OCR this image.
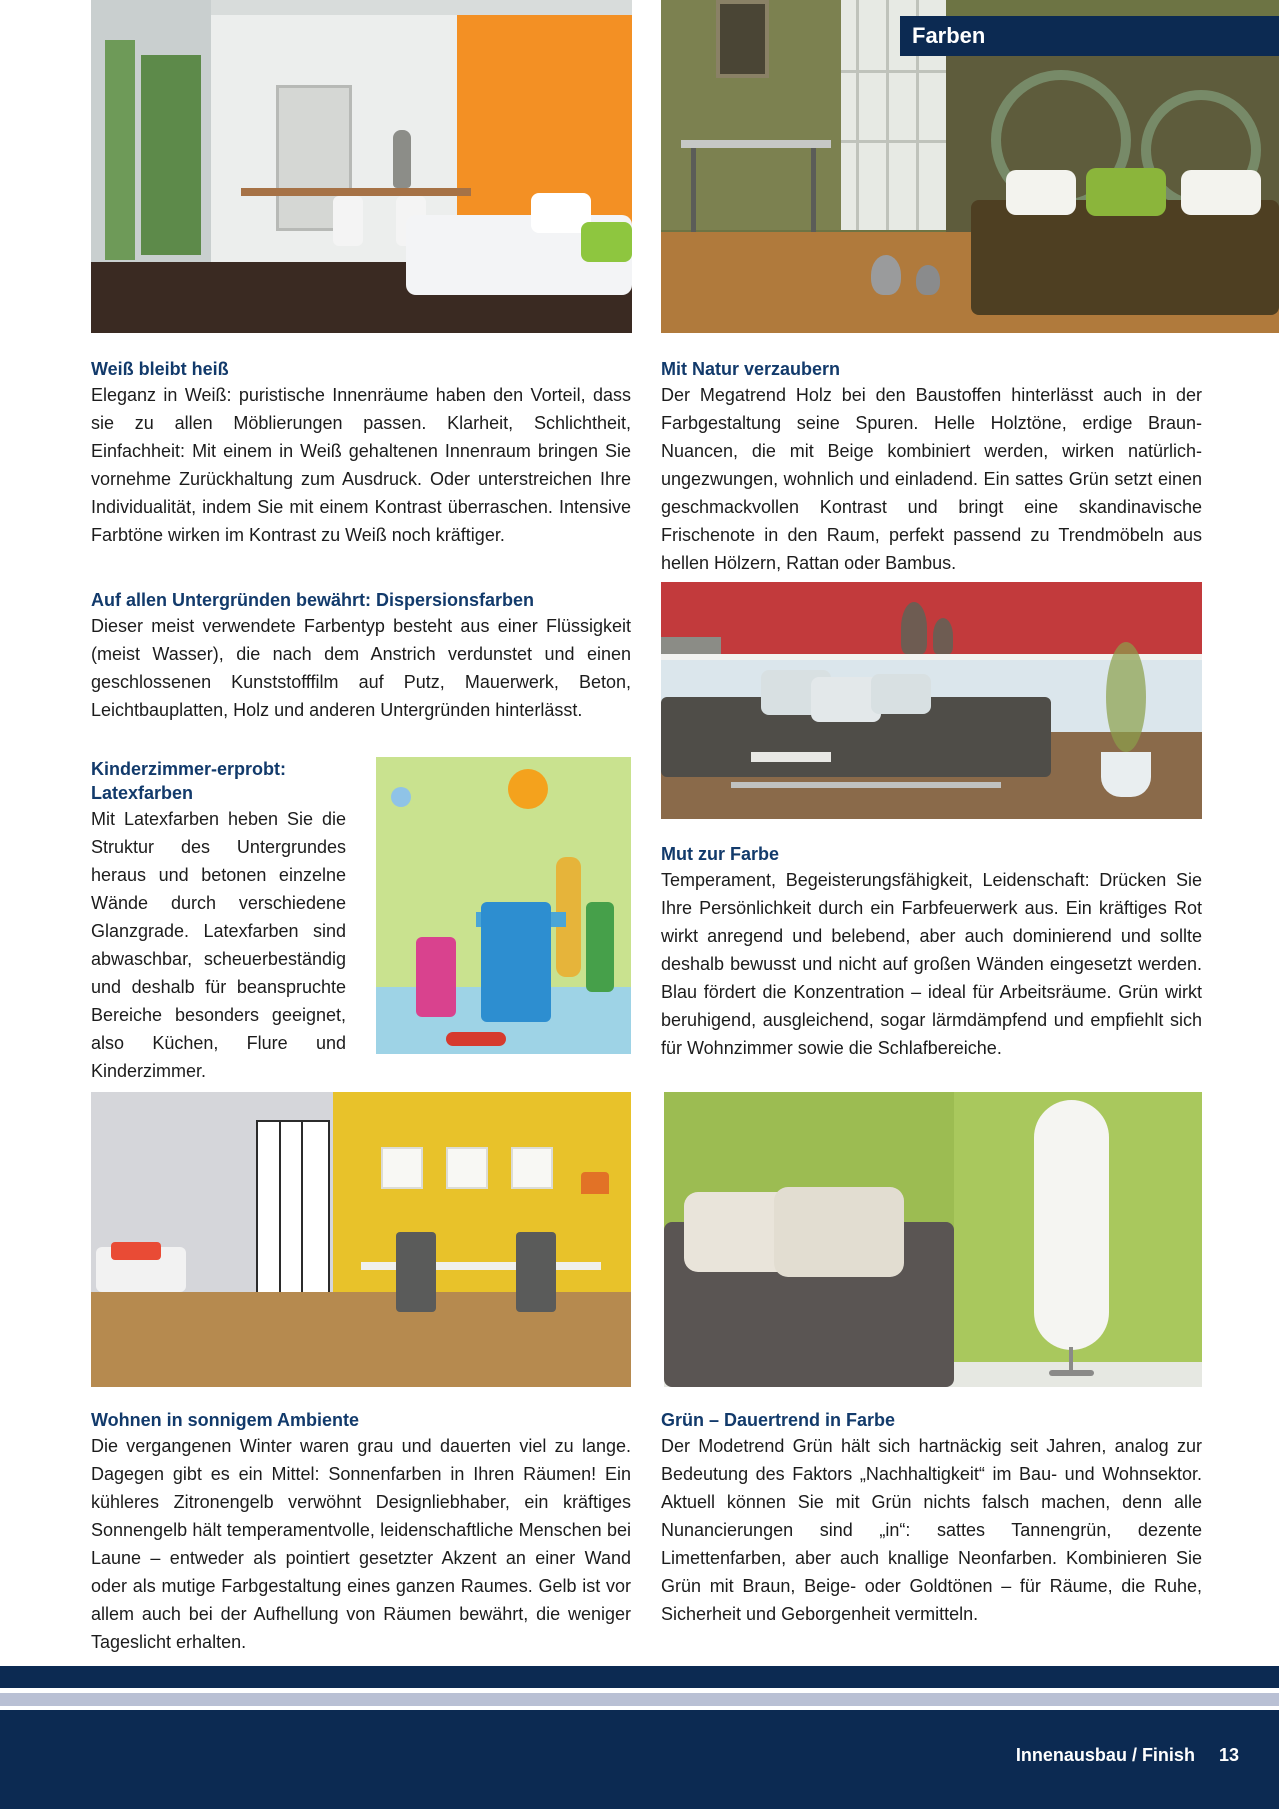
Farben
Weiß bleibt heiß

Eleganz in Weiß: puristische Innenräume haben den Vorteil, dass sie zu allen Möblierungen passen. Klarheit, Schlichtheit, Einfachheit: Mit einem in Weiß gehaltenen Innenraum bringen Sie vornehme Zurückhaltung zum Ausdruck. Oder unterstreichen Ihre Individualität, indem Sie mit einem Kontrast überraschen. Intensive Farbtöne wirken im Kontrast zu Weiß noch kräftiger.

Mit Natur verzaubern

Der Megatrend Holz bei den Baustoffen hinterlässt auch in der Farbgestaltung seine Spuren. Helle Holztöne, erdige Braun-Nuancen, die mit Beige kombiniert werden, wirken natürlich-ungezwungen, wohnlich und einladend. Ein sattes Grün setzt einen geschmackvollen Kontrast und bringt eine skandinavische Frischenote in den Raum, perfekt passend zu Trendmöbeln aus hellen Hölzern, Rattan oder Bambus.

Auf allen Untergründen bewährt: Dispersionsfarben

Dieser meist verwendete Farbentyp besteht aus einer Flüssigkeit (meist Wasser), die nach dem Anstrich verdunstet und einen geschlossenen Kunststofffilm auf Putz, Mauerwerk, Beton, Leichtbauplatten, Holz und anderen Untergründen hinterlässt.

Kinderzimmer-erprobt:
Latexfarben

Mit Latexfarben heben Sie die Struktur des Untergrundes heraus und betonen einzelne Wände durch verschiedene Glanzgrade. Latexfarben sind abwaschbar, scheuerbeständig und deshalb für beanspruchte Bereiche besonders geeignet, also Küchen, Flure und Kinderzimmer.

Mut zur Farbe

Temperament, Begeisterungsfähigkeit, Leidenschaft: Drücken Sie Ihre Persönlichkeit durch ein Farbfeuerwerk aus. Ein kräftiges Rot wirkt anregend und belebend, aber auch dominierend und sollte deshalb bewusst und nicht auf großen Wänden eingesetzt werden. Blau fördert die Konzentration – ideal für Arbeitsräume. Grün wirkt beruhigend, ausgleichend, sogar lärmdämpfend und empfiehlt sich für Wohnzimmer sowie die Schlafbereiche.

Wohnen in sonnigem Ambiente

Die vergangenen Winter waren grau und dauerten viel zu lange. Dagegen gibt es ein Mittel: Sonnenfarben in Ihren Räumen! Ein kühleres Zitronengelb verwöhnt Designliebhaber, ein kräftiges Sonnengelb hält temperamentvolle, leidenschaftliche Menschen bei Laune – entweder als pointiert gesetzter Akzent an einer Wand oder als mutige Farbgestaltung eines ganzen Raumes. Gelb ist vor allem auch bei der Aufhellung von Räumen bewährt, die weniger Tageslicht erhalten.

Grün – Dauertrend in Farbe

Der Modetrend Grün hält sich hartnäckig seit Jahren, analog zur Bedeutung des Faktors „Nachhaltigkeit“ im Bau- und Wohnsektor. Aktuell können Sie mit Grün nichts falsch machen, denn alle Nunancierungen sind „in“: sattes Tannengrün, dezente Limettenfarben, aber auch knallige Neonfarben. Kombinieren Sie Grün mit Braun, Beige- oder Goldtönen – für Räume, die Ruhe, Sicherheit und Geborgenheit vermitteln.

Innenausbau / Finish 13
